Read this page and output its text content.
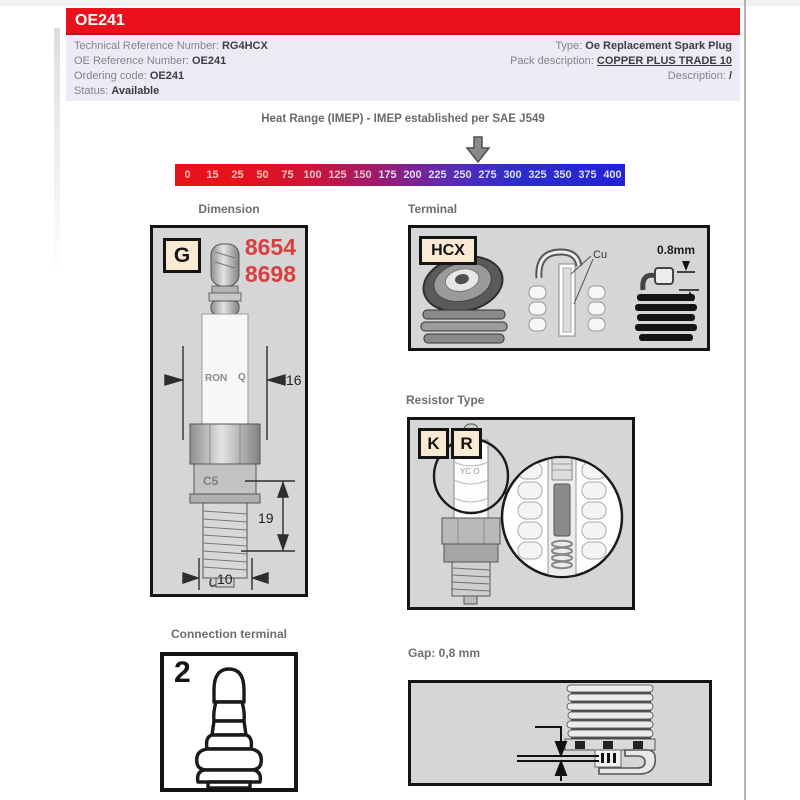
OE241
Technical Reference Number: RG4HCX
OE Reference Number: OE241
Ordering code: OE241
Status: Available
Type: Oe Replacement Spark Plug
Pack description: COPPER PLUS TRADE 10
Description: /
Heat Range (IMEP) - IMEP established per SAE J549
0	15	25	50	75 100 125 150 175 200 225 250 275 300 325 350 375 400
Dimension
G	8654
8698
RON Q
C5
16
19
10
Terminal
HCX	Cu	0.8mm
Resistor Type
K	R
YC O
Connection terminal
2
Gap: 0,8 mm
